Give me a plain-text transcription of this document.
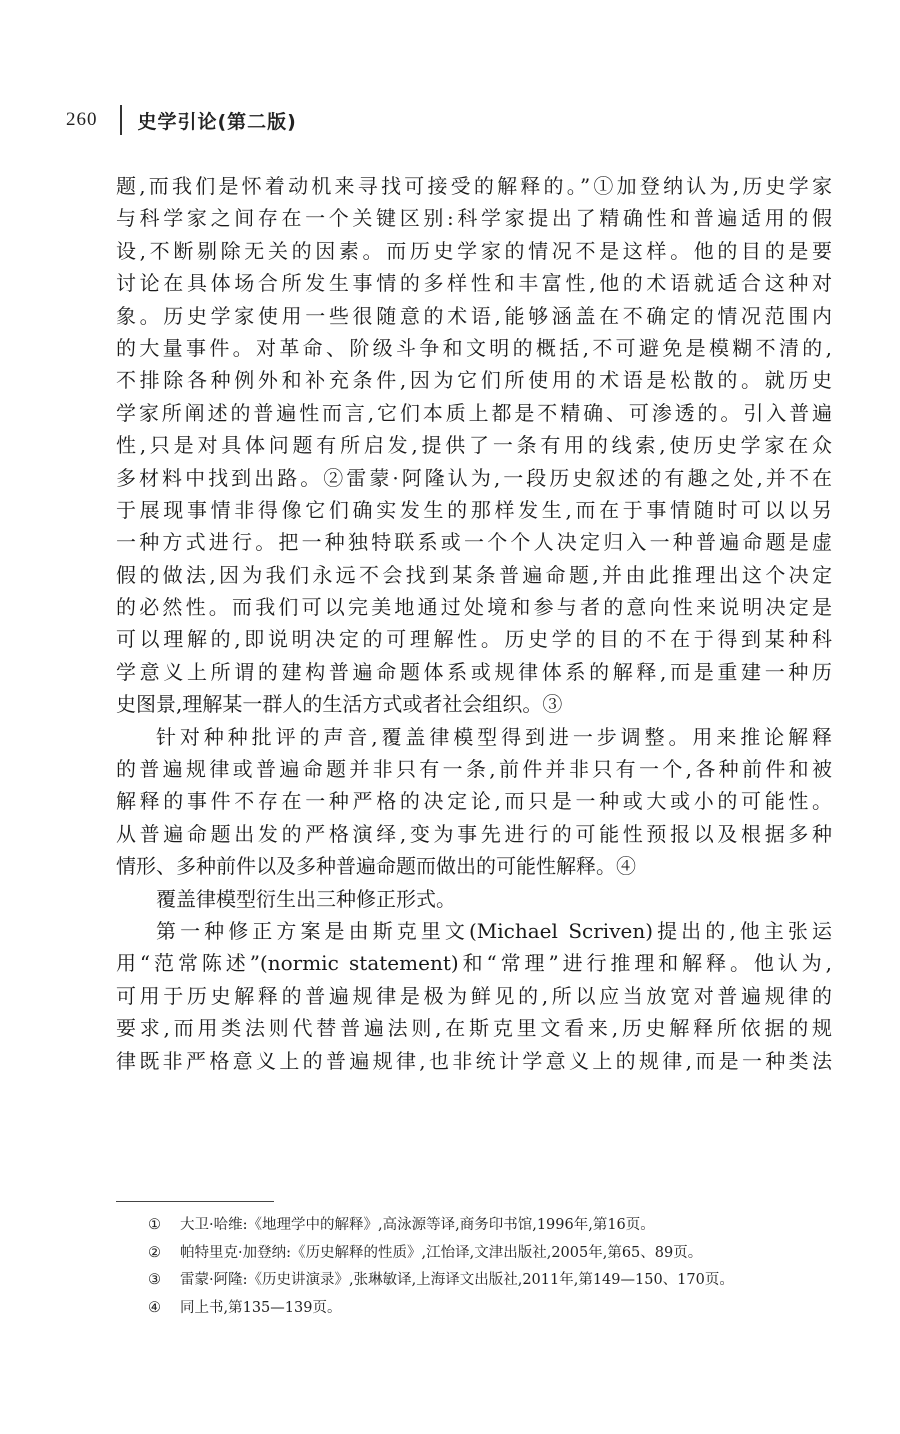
260 史学引论(第二版)
题,而我们是怀着动机来寻找可接受的解释的。”①加登纳认为,历史学家
与科学家之间存在一个关键区别:科学家提出了精确性和普遍适用的假
设,不断剔除无关的因素。而历史学家的情况不是这样。他的目的是要
讨论在具体场合所发生事情的多样性和丰富性,他的术语就适合这种对
象。历史学家使用一些很随意的术语,能够涵盖在不确定的情况范围内
的大量事件。对革命、阶级斗争和文明的概括,不可避免是模糊不清的,
不排除各种例外和补充条件,因为它们所使用的术语是松散的。就历史
学家所阐述的普遍性而言,它们本质上都是不精确、可渗透的。引入普遍
性,只是对具体问题有所启发,提供了一条有用的线索,使历史学家在众
多材料中找到出路。②雷蒙·阿隆认为,一段历史叙述的有趣之处,并不在
于展现事情非得像它们确实发生的那样发生,而在于事情随时可以以另
一种方式进行。把一种独特联系或一个个人决定归入一种普遍命题是虚
假的做法,因为我们永远不会找到某条普遍命题,并由此推理出这个决定
的必然性。而我们可以完美地通过处境和参与者的意向性来说明决定是
可以理解的,即说明决定的可理解性。历史学的目的不在于得到某种科
学意义上所谓的建构普遍命题体系或规律体系的解释,而是重建一种历
史图景,理解某一群人的生活方式或者社会组织。③
针对种种批评的声音,覆盖律模型得到进一步调整。用来推论解释
的普遍规律或普遍命题并非只有一条,前件并非只有一个,各种前件和被
解释的事件不存在一种严格的决定论,而只是一种或大或小的可能性。
从普遍命题出发的严格演绎,变为事先进行的可能性预报以及根据多种
情形、多种前件以及多种普遍命题而做出的可能性解释。④
覆盖律模型衍生出三种修正形式。
第一种修正方案是由斯克里文(Michael Scriven)提出的,他主张运
用“范常陈述”(normic statement)和“常理”进行推理和解释。他认为,
可用于历史解释的普遍规律是极为鲜见的,所以应当放宽对普遍规律的
要求,而用类法则代替普遍法则,在斯克里文看来,历史解释所依据的规
律既非严格意义上的普遍规律,也非统计学意义上的规律,而是一种类法
① 大卫·哈维:《地理学中的解释》,高泳源等译,商务印书馆,1996年,第16页。
② 帕特里克·加登纳:《历史解释的性质》,江怡译,文津出版社,2005年,第65、89页。
③ 雷蒙·阿隆:《历史讲演录》,张琳敏译,上海译文出版社,2011年,第149—150、170页。
④ 同上书,第135—139页。
